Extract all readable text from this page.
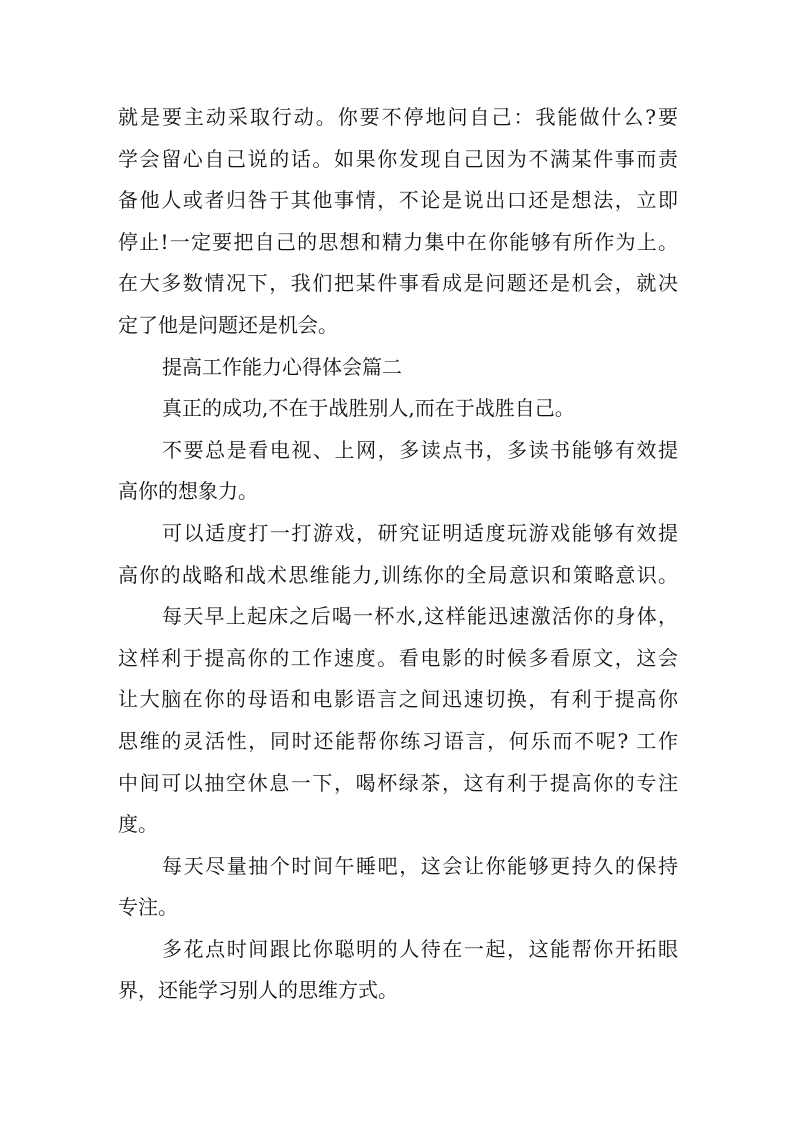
就是要主动采取行动。你要不停地问自己：我能做什么?要
学会留心自己说的话。如果你发现自己因为不满某件事而责
备他人或者归咎于其他事情，不论是说出口还是想法，立即
停止!一定要把自己的思想和精力集中在你能够有所作为上。
在大多数情况下，我们把某件事看成是问题还是机会，就决
定了他是问题还是机会。
提高工作能力心得体会篇二
真正的成功,不在于战胜别人,而在于战胜自己。
不要总是看电视、上网，多读点书，多读书能够有效提
高你的想象力。
可以适度打一打游戏，研究证明适度玩游戏能够有效提
高你的战略和战术思维能力,训练你的全局意识和策略意识。
每天早上起床之后喝一杯水,这样能迅速激活你的身体，
这样利于提高你的工作速度。看电影的时候多看原文，这会
让大脑在你的母语和电影语言之间迅速切换，有利于提高你
思维的灵活性，同时还能帮你练习语言，何乐而不呢? 工作
中间可以抽空休息一下，喝杯绿茶，这有利于提高你的专注
度。
每天尽量抽个时间午睡吧，这会让你能够更持久的保持
专注。
多花点时间跟比你聪明的人待在一起，这能帮你开拓眼
界，还能学习别人的思维方式。
